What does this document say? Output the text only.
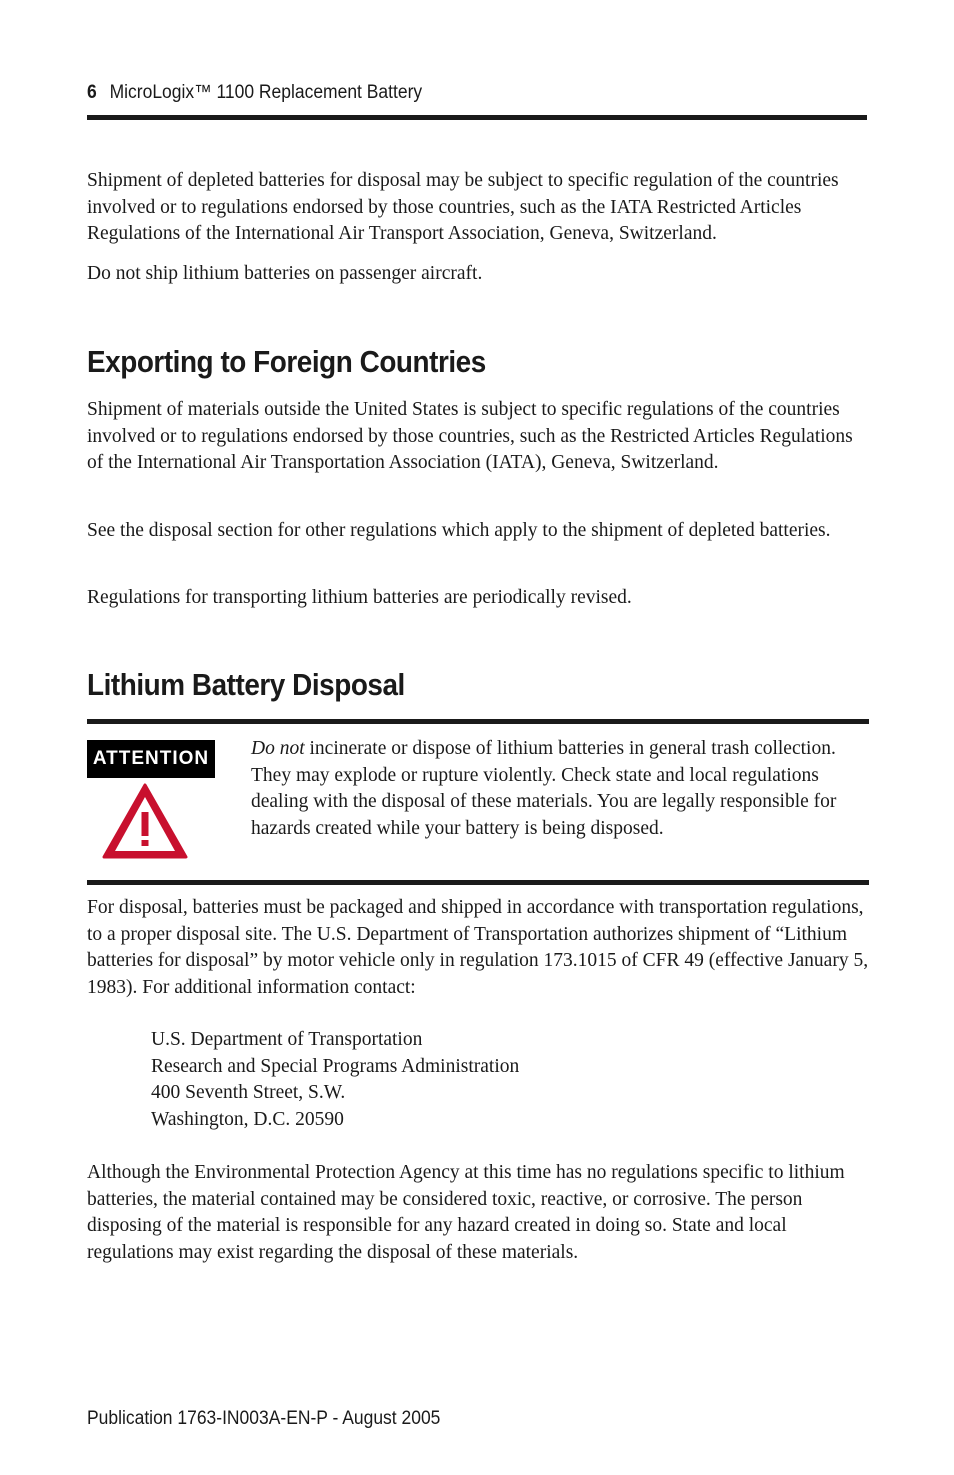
6 MicroLogix™ 1100 Replacement Battery

Shipment of depleted batteries for disposal may be subject to specific regulation of the countries involved or to regulations endorsed by those countries, such as the IATA Restricted Articles Regulations of the International Air Transport Association, Geneva, Switzerland.

Do not ship lithium batteries on passenger aircraft.

Exporting to Foreign Countries

Shipment of materials outside the United States is subject to specific regulations of the countries involved or to regulations endorsed by those countries, such as the Restricted Articles Regulations of the International Air Transportation Association (IATA), Geneva, Switzerland.

See the disposal section for other regulations which apply to the shipment of depleted batteries.

Regulations for transporting lithium batteries are periodically revised.

Lithium Battery Disposal
ATTENTION Do not incinerate or dispose of lithium batteries in general trash collection. They may explode or rupture violently. Check state and local regulations dealing with the disposal of these materials. You are legally responsible for hazards created while your battery is being disposed.

For disposal, batteries must be packaged and shipped in accordance with transportation regulations, to a proper disposal site. The U.S. Department of Transportation authorizes shipment of “Lithium batteries for disposal” by motor vehicle only in regulation 173.1015 of CFR 49 (effective January 5, 1983). For additional information contact:

U.S. Department of Transportation
Research and Special Programs Administration
400 Seventh Street, S.W.
Washington, D.C. 20590

Although the Environmental Protection Agency at this time has no regulations specific to lithium batteries, the material contained may be considered toxic, reactive, or corrosive. The person disposing of the material is responsible for any hazard created in doing so. State and local regulations may exist regarding the disposal of these materials.

Publication 1763-IN003A-EN-P - August 2005
